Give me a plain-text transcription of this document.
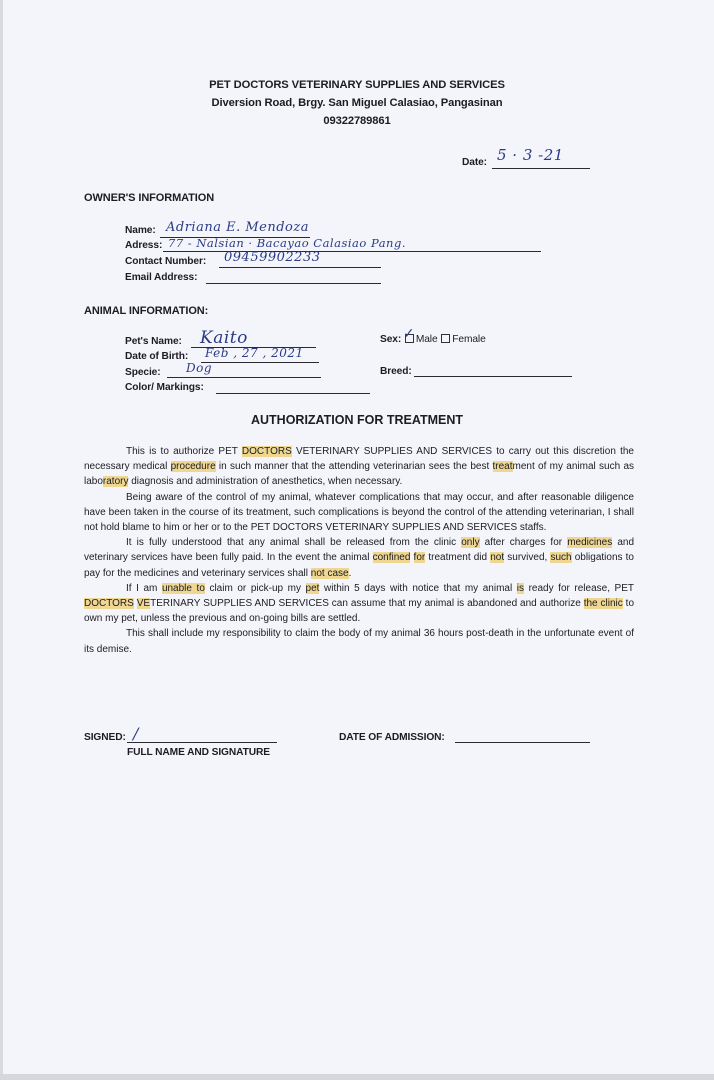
PET DOCTORS VETERINARY SUPPLIES AND SERVICES
Diversion Road, Brgy. San Miguel Calasiao, Pangasinan
09322789861
Date: 5 · 3 -21
OWNER'S INFORMATION
Name: Adriana E. Mendoza
Adress: 77 - Nalsian · Bacayao Calasiao Pang.
Contact Number: 09459902233
Email Address:
ANIMAL INFORMATION:
Pet's Name: Kaito
Date of Birth: Feb , 27 , 2021
Specie: Dog
Color/ Markings:
Sex: ✓ Male Female
Breed:
AUTHORIZATION FOR TREATMENT

This is to authorize PET DOCTORS VETERINARY SUPPLIES AND SERVICES to carry out this discretion the necessary medical procedure in such manner that the attending veterinarian sees the best treatment of my animal such as laboratory diagnosis and administration of anesthetics, when necessary.

Being aware of the control of my animal, whatever complications that may occur, and after reasonable diligence have been taken in the course of its treatment, such complications is beyond the control of the attending veterinarian, I shall not hold blame to him or her or to the PET DOCTORS VETERINARY SUPPLIES AND SERVICES staffs.

It is fully understood that any animal shall be released from the clinic only after charges for medicines and veterinary services have been fully paid. In the event the animal confined for treatment did not survived, such obligations to pay for the medicines and veterinary services shall not case.

If I am unable to claim or pick-up my pet within 5 days with notice that my animal is ready for release, PET DOCTORS VETERINARY SUPPLIES AND SERVICES can assume that my animal is abandoned and authorize the clinic to own my pet, unless the previous and on-going bills are settled.

This shall include my responsibility to claim the body of my animal 36 hours post-death in the unfortunate event of its demise.

SIGNED: /
FULL NAME AND SIGNATURE
DATE OF ADMISSION:
